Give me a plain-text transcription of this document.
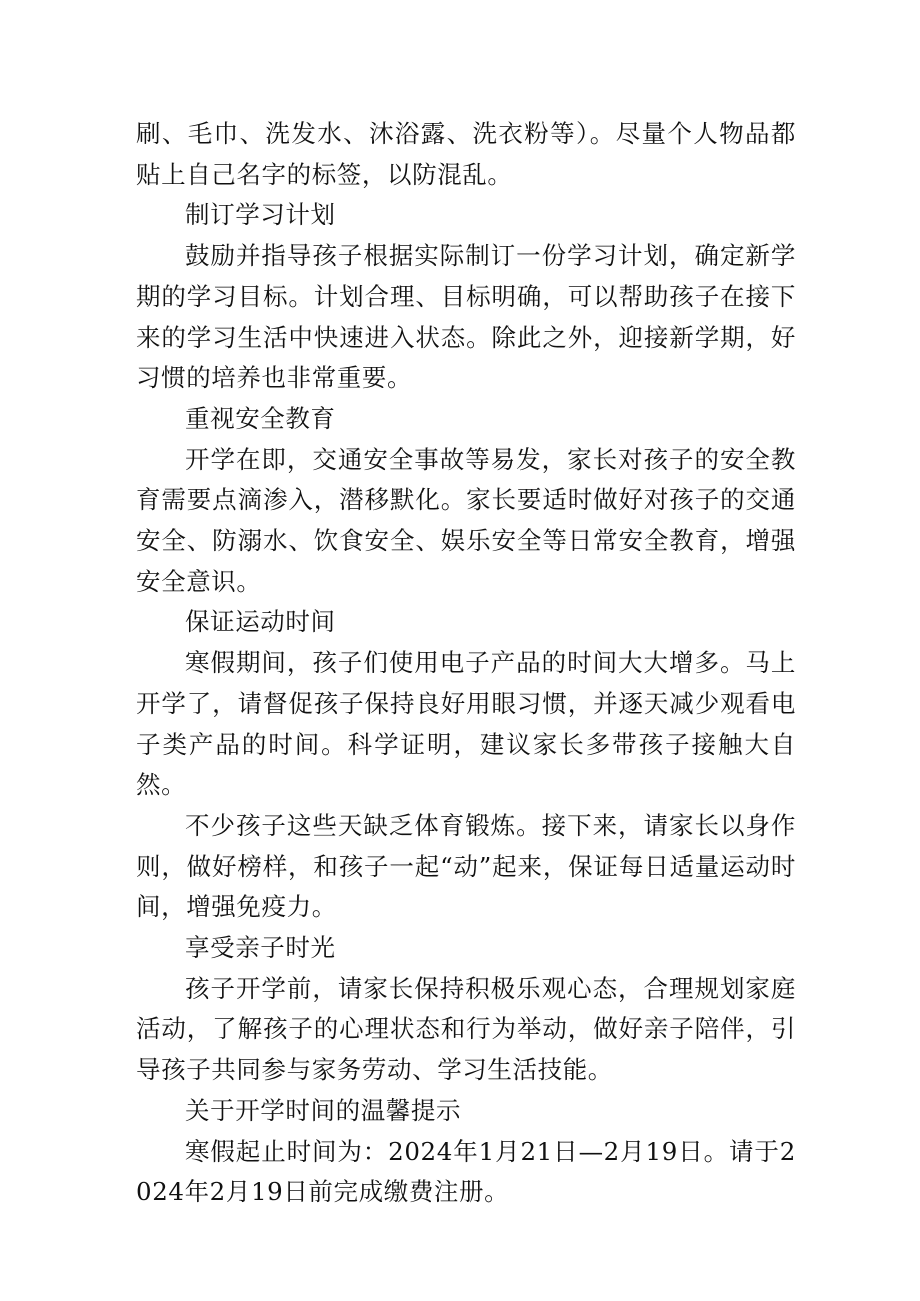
刷、毛巾、洗发水、沐浴露、洗衣粉等）。尽量个人物品都贴上自己名字的标签，以防混乱。

制订学习计划

鼓励并指导孩子根据实际制订一份学习计划，确定新学期的学习目标。计划合理、目标明确，可以帮助孩子在接下来的学习生活中快速进入状态。除此之外，迎接新学期，好习惯的培养也非常重要。

重视安全教育

开学在即，交通安全事故等易发，家长对孩子的安全教育需要点滴渗入，潜移默化。家长要适时做好对孩子的交通安全、防溺水、饮食安全、娱乐安全等日常安全教育，增强安全意识。

保证运动时间

寒假期间，孩子们使用电子产品的时间大大增多。马上开学了，请督促孩子保持良好用眼习惯，并逐天减少观看电子类产品的时间。科学证明，建议家长多带孩子接触大自然。

不少孩子这些天缺乏体育锻炼。接下来，请家长以身作则，做好榜样，和孩子一起“动”起来，保证每日适量运动时间，增强免疫力。

享受亲子时光

孩子开学前，请家长保持积极乐观心态，合理规划家庭活动，了解孩子的心理状态和行为举动，做好亲子陪伴，引导孩子共同参与家务劳动、学习生活技能。

关于开学时间的温馨提示

寒假起止时间为：2024年1月21日—2月19日。请于2024年2月19日前完成缴费注册。
